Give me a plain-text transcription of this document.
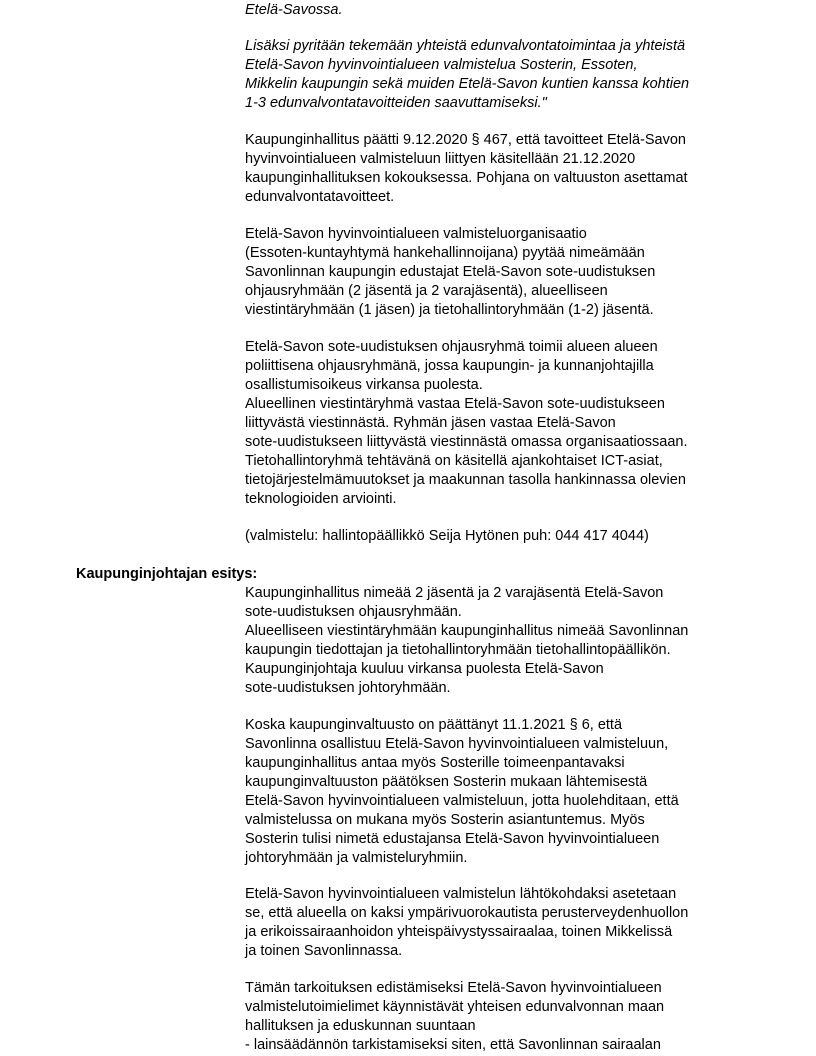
Etelä-Savossa.

Lisäksi pyritään tekemään yhteistä edunvalvontatoimintaa ja yhteistä
Etelä-Savon hyvinvointialueen valmistelua Sosterin, Essoten,
Mikkelin kaupungin sekä muiden Etelä-Savon kuntien kanssa kohtien
1-3 edunvalvontatavoitteiden saavuttamiseksi."

Kaupunginhallitus päätti 9.12.2020 § 467, että tavoitteet Etelä-Savon
hyvinvointialueen valmisteluun liittyen käsitellään 21.12.2020
kaupunginhallituksen kokouksessa. Pohjana on valtuuston asettamat
edunvalvontatavoitteet.

Etelä-Savon hyvinvointialueen valmisteluorganisaatio
(Essoten-kuntayhtymä hankehallinnoijana) pyytää nimeämään
Savonlinnan kaupungin edustajat Etelä-Savon sote-uudistuksen
ohjausryhmään (2 jäsentä ja 2 varajäsentä), alueelliseen
viestintäryhmään (1 jäsen) ja tietohallintoryhmään (1-2) jäsentä.

Etelä-Savon sote-uudistuksen ohjausryhmä toimii alueen alueen
poliittisena ohjausryhmänä, jossa kaupungin- ja kunnanjohtajilla
osallistumisoikeus virkansa puolesta.
Alueellinen viestintäryhmä vastaa Etelä-Savon sote-uudistukseen
liittyvästä viestinnästä. Ryhmän jäsen vastaa Etelä-Savon
sote-uudistukseen liittyvästä viestinnästä omassa organisaatiossaan.
Tietohallintoryhmä tehtävänä on käsitellä ajankohtaiset ICT-asiat,
tietojärjestelmämuutokset ja maakunnan tasolla hankinnassa olevien
teknologioiden arviointi.

(valmistelu: hallintopäällikkö Seija Hytönen puh: 044 417 4044)

Kaupunginjohtajan esitys:

Kaupunginhallitus nimeää 2 jäsentä ja 2 varajäsentä Etelä-Savon
sote-uudistuksen ohjausryhmään.
Alueelliseen viestintäryhmään kaupunginhallitus nimeää Savonlinnan
kaupungin tiedottajan ja tietohallintoryhmään tietohallintopäällikön.
Kaupunginjohtaja kuuluu virkansa puolesta Etelä-Savon
sote-uudistuksen johtoryhmään.

Koska kaupunginvaltuusto on päättänyt 11.1.2021 § 6, että
Savonlinna osallistuu Etelä-Savon hyvinvointialueen valmisteluun,
kaupunginhallitus antaa myös Sosterille toimeenpantavaksi
kaupunginvaltuuston päätöksen Sosterin mukaan lähtemisestä
Etelä-Savon hyvinvointialueen valmisteluun, jotta huolehditaan, että
valmistelussa on mukana myös Sosterin asiantuntemus. Myös
Sosterin tulisi nimetä edustajansa Etelä-Savon hyvinvointialueen
johtoryhmään ja valmisteluryhmiin.

Etelä-Savon hyvinvointialueen valmistelun lähtökohdaksi asetetaan
se, että alueella on kaksi ympärivuorokautista perusterveydenhuollon
ja erikoissairaanhoidon yhteispäivystyssairaalaa, toinen Mikkelissä
ja toinen Savonlinnassa.

Tämän tarkoituksen edistämiseksi Etelä-Savon hyvinvointialueen
valmistelutoimielimet käynnistävät yhteisen edunvalvonnan maan
hallituksen ja eduskunnan suuntaan
- lainsäädännön tarkistamiseksi siten, että Savonlinnan sairaalan
